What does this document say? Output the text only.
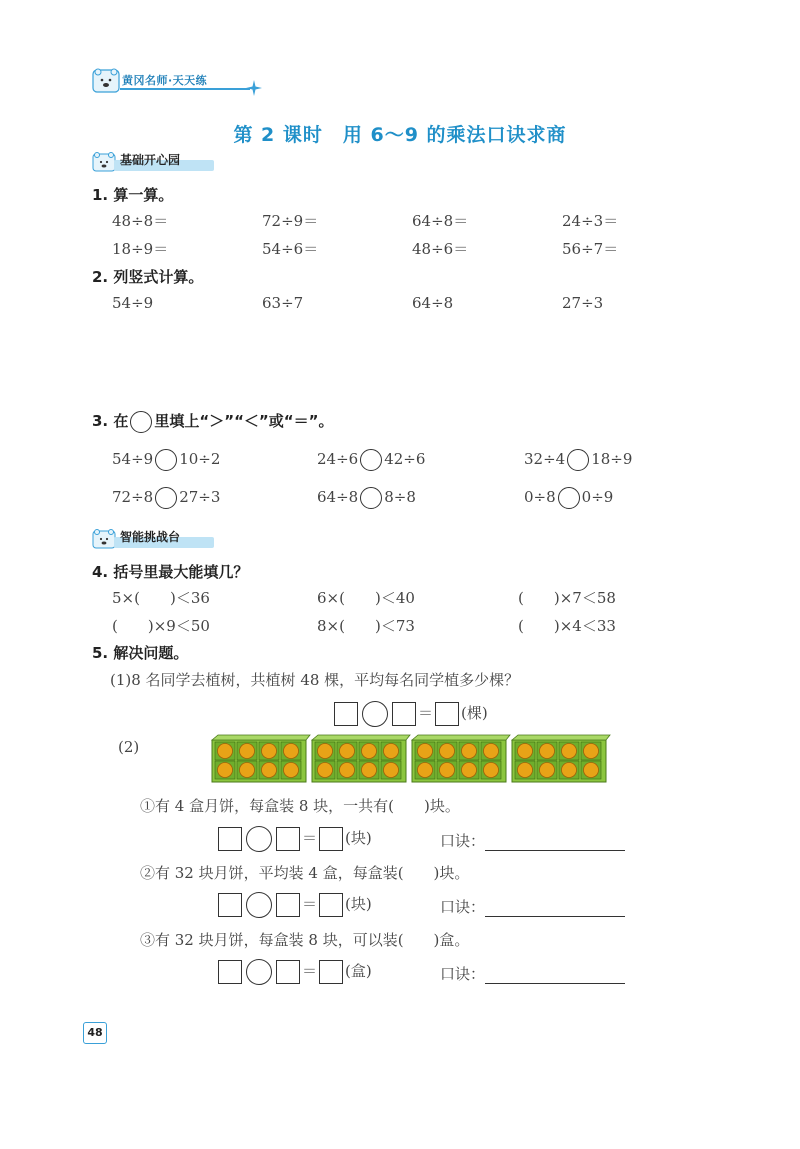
黄冈名师·天天练
第 2 课时　用 6～9 的乘法口诀求商
基础开心园
1. 算一算。
48÷8＝	72÷9＝	64÷8＝	24÷3＝
18÷9＝	54÷6＝	48÷6＝	56÷7＝
2. 列竖式计算。
54÷9	63÷7	64÷8	27÷3
3. 在 里填上“＞”“＜”或“＝”。
54÷9 10÷2	24÷6 42÷6	32÷4 18÷9
72÷8 27÷3	64÷8 8÷8	0÷8 0÷9
智能挑战台
4. 括号里最大能填几？
5×(　　)＜36	6×(　　)＜40	(　　)×7＜58
(　　)×9＜50	8×(　　)＜73	(　　)×4＜33
5. 解决问题。
(1)8 名同学去植树，共植树 48 棵，平均每名同学植多少棵？
＝ (棵)
(2)
①有 4 盒月饼，每盒装 8 块，一共有(　　)块。
＝ (块)	口诀：
②有 32 块月饼，平均装 4 盒，每盒装(　　)块。
＝ (块)	口诀：
③有 32 块月饼，每盒装 8 块，可以装(　　)盒。
＝ (盒)	口诀：
48
